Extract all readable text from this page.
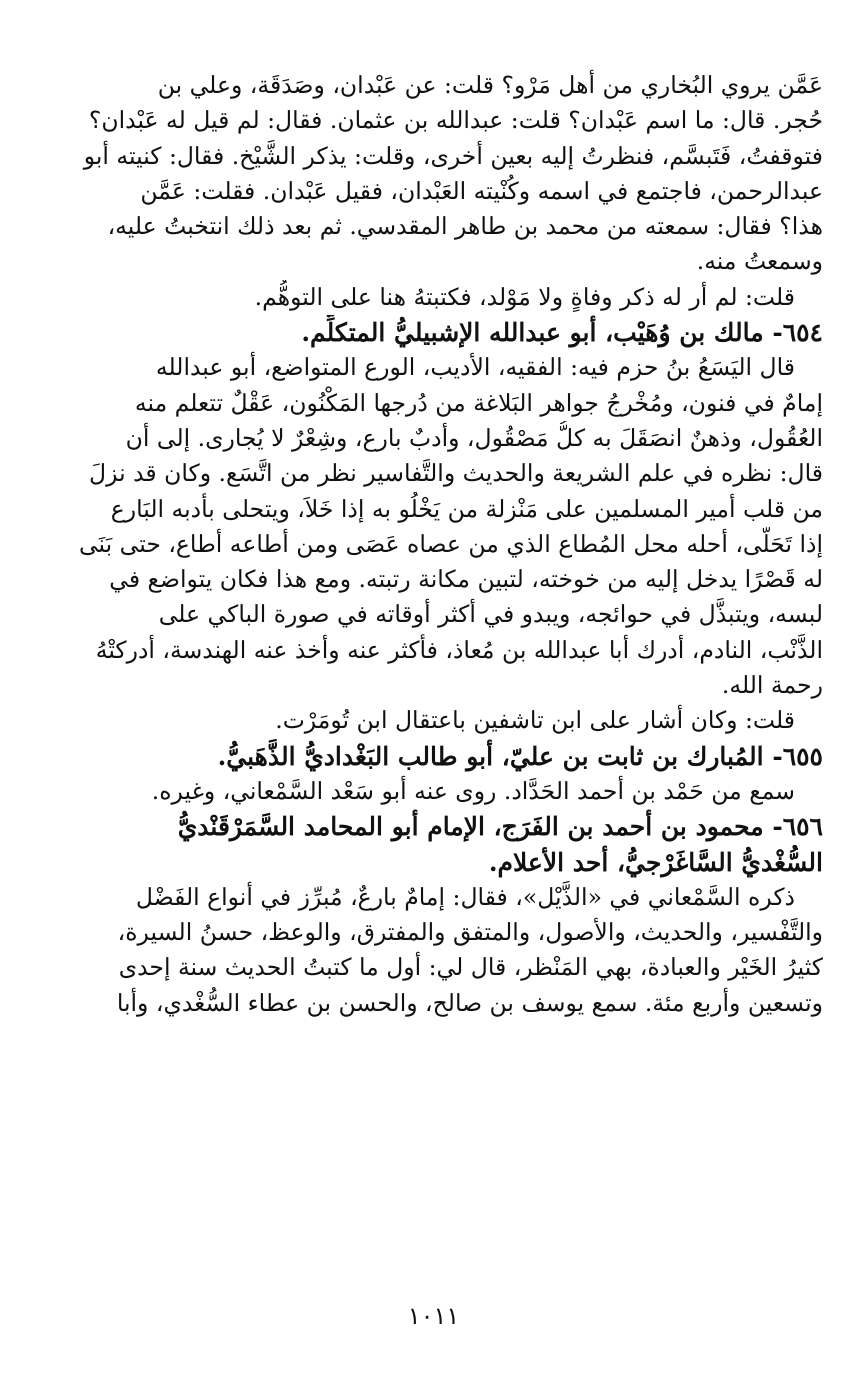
عَمَّن يروي البُخاري من أهل مَرْو؟ قلت: عن عَبْدان، وصَدَقَة، وعلي بن
حُجر. قال: ما اسم عَبْدان؟ قلت: عبدالله بن عثمان. فقال: لم قيل له عَبْدان؟
فتوقفتُ، فَتَبسَّم، فنظرتُ إليه بعين أخرى، وقلت: يذكر الشَّيْخ. فقال: كنيته أبو
عبدالرحمن، فاجتمع في اسمه وكُنْيته العَبْدان، فقيل عَبْدان. فقلت: عَمَّن
هذا؟ فقال: سمعته من محمد بن طاهر المقدسي. ثم بعد ذلك انتخبتُ عليه،
وسمعتُ منه.
قلت: لم أر له ذكر وفاةٍ ولا مَوْلد، فكتبتهُ هنا على التوهُّم.
٦٥٤- مالك بن وُهَيْب، أبو عبدالله الإشبيليُّ المتكلِّم.
قال اليَسَعُ بنُ حزم فيه: الفقيه، الأديب، الورع المتواضع، أبو عبدالله
إمامٌ في فنون، ومُخْرجُ جواهر البَلاغة من دُرجها المَكْنُون، عَقْلٌ تتعلم منه
العُقُول، وذهنٌ انصَقَلَ به كلُّ مَصْقُول، وأدبٌ بارع، وشِعْرٌ لا يُجارى. إلى أن
قال: نظره في علم الشريعة والحديث والتَّفاسير نظر من اتَّسَع. وكان قد نزلَ
من قلب أمير المسلمين على مَنْزلة من يَخْلُو به إذا خَلاَ، ويتحلى بأدبه البَارع
إذا تَحَلَّى، أحله محل المُطاع الذي من عصاه عَصَى ومن أطاعه أطاع، حتى بَنَى
له قَصْرًا يدخل إليه من خوخته، لتبين مكانة رتبته. ومع هذا فكان يتواضع في
لبسه، ويتبذَّل في حوائجه، ويبدو في أكثر أوقاته في صورة الباكي على
الذَّنْب، النادم، أدرك أبا عبدالله بن مُعاذ، فأكثر عنه وأخذ عنه الهندسة، أدركتْهُ
رحمة الله.
قلت: وكان أشار على ابن تاشفين باعتقال ابن تُومَرْت.
٦٥٥- المُبارك بن ثابت بن عليّ، أبو طالب البَغْداديُّ الذَّهَبيُّ.
سمع من حَمْد بن أحمد الحَدَّاد. روى عنه أبو سَعْد السَّمْعاني، وغيره.
٦٥٦- محمود بن أحمد بن الفَرَج، الإمام أبو المحامد السَّمَرْقَنْديُّ
السُّغْديُّ السَّاغَرْجيُّ، أحد الأعلام.
ذكره السَّمْعاني في «الذَّيْل»، فقال: إمامٌ بارعٌ، مُبرِّز في أنواع الفَضْل
والتَّفْسير، والحديث، والأصول، والمتفق والمفترق، والوعظ، حسنُ السيرة،
كثيرُ الخَيْر والعبادة، بهي المَنْظر، قال لي: أول ما كتبتُ الحديث سنة إحدى
وتسعين وأربع مئة. سمع يوسف بن صالح، والحسن بن عطاء السُّغْدي، وأبا
١٠١١
